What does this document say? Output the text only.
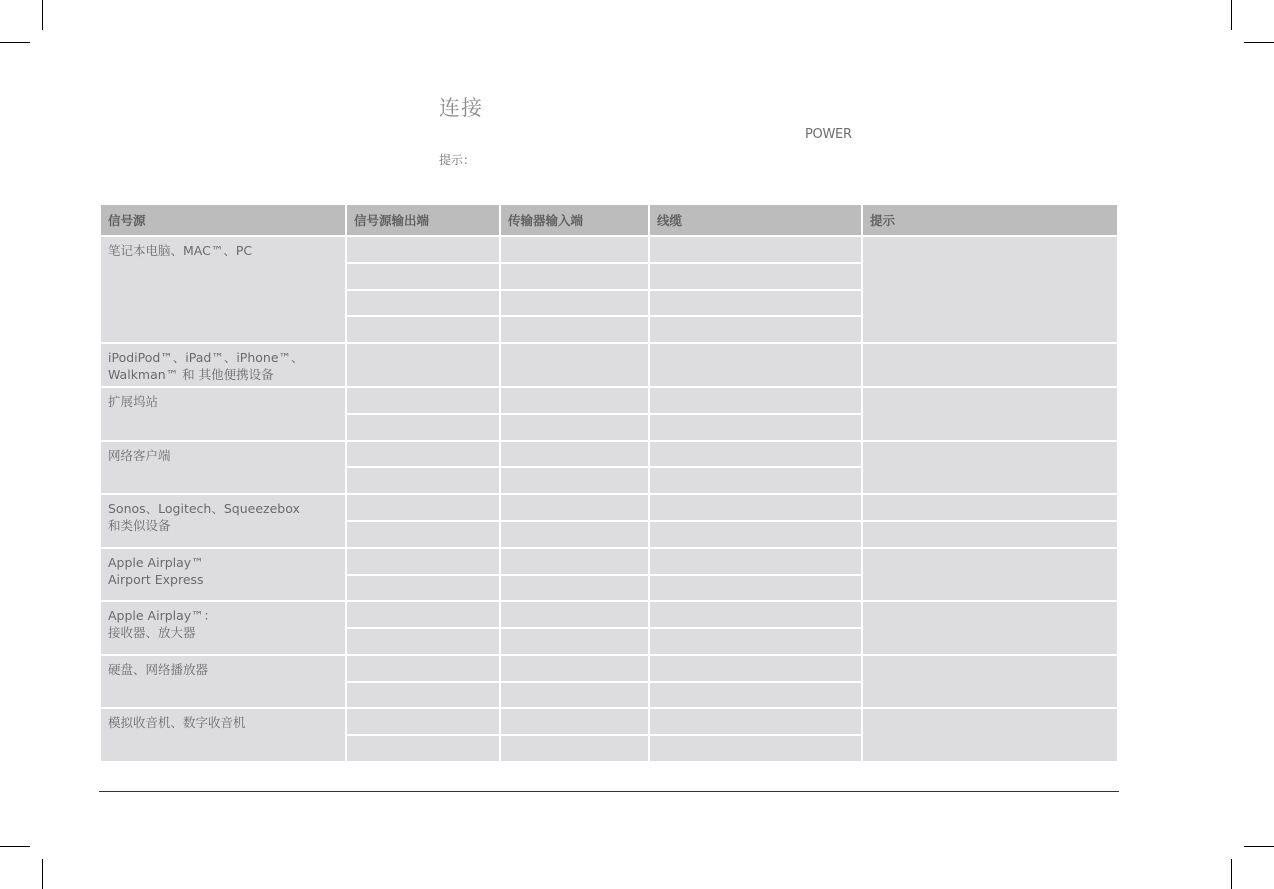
连接
POWER
提示：
信号源	信号源输出端	传输器输入端	线缆	提示

笔记本电脑、MAC™、PC				

iPodiPod™、iPad™、iPhone™、
Walkman™ 和 其他便携设备				

扩展坞站				

网络客户端				

Sonos、Logitech、Squeezebox
和类似设备				

Apple Airplay™
Airport Express				

Apple Airplay™：
接收器、放大器				

硬盘、网络播放器				

模拟收音机、数字收音机				
